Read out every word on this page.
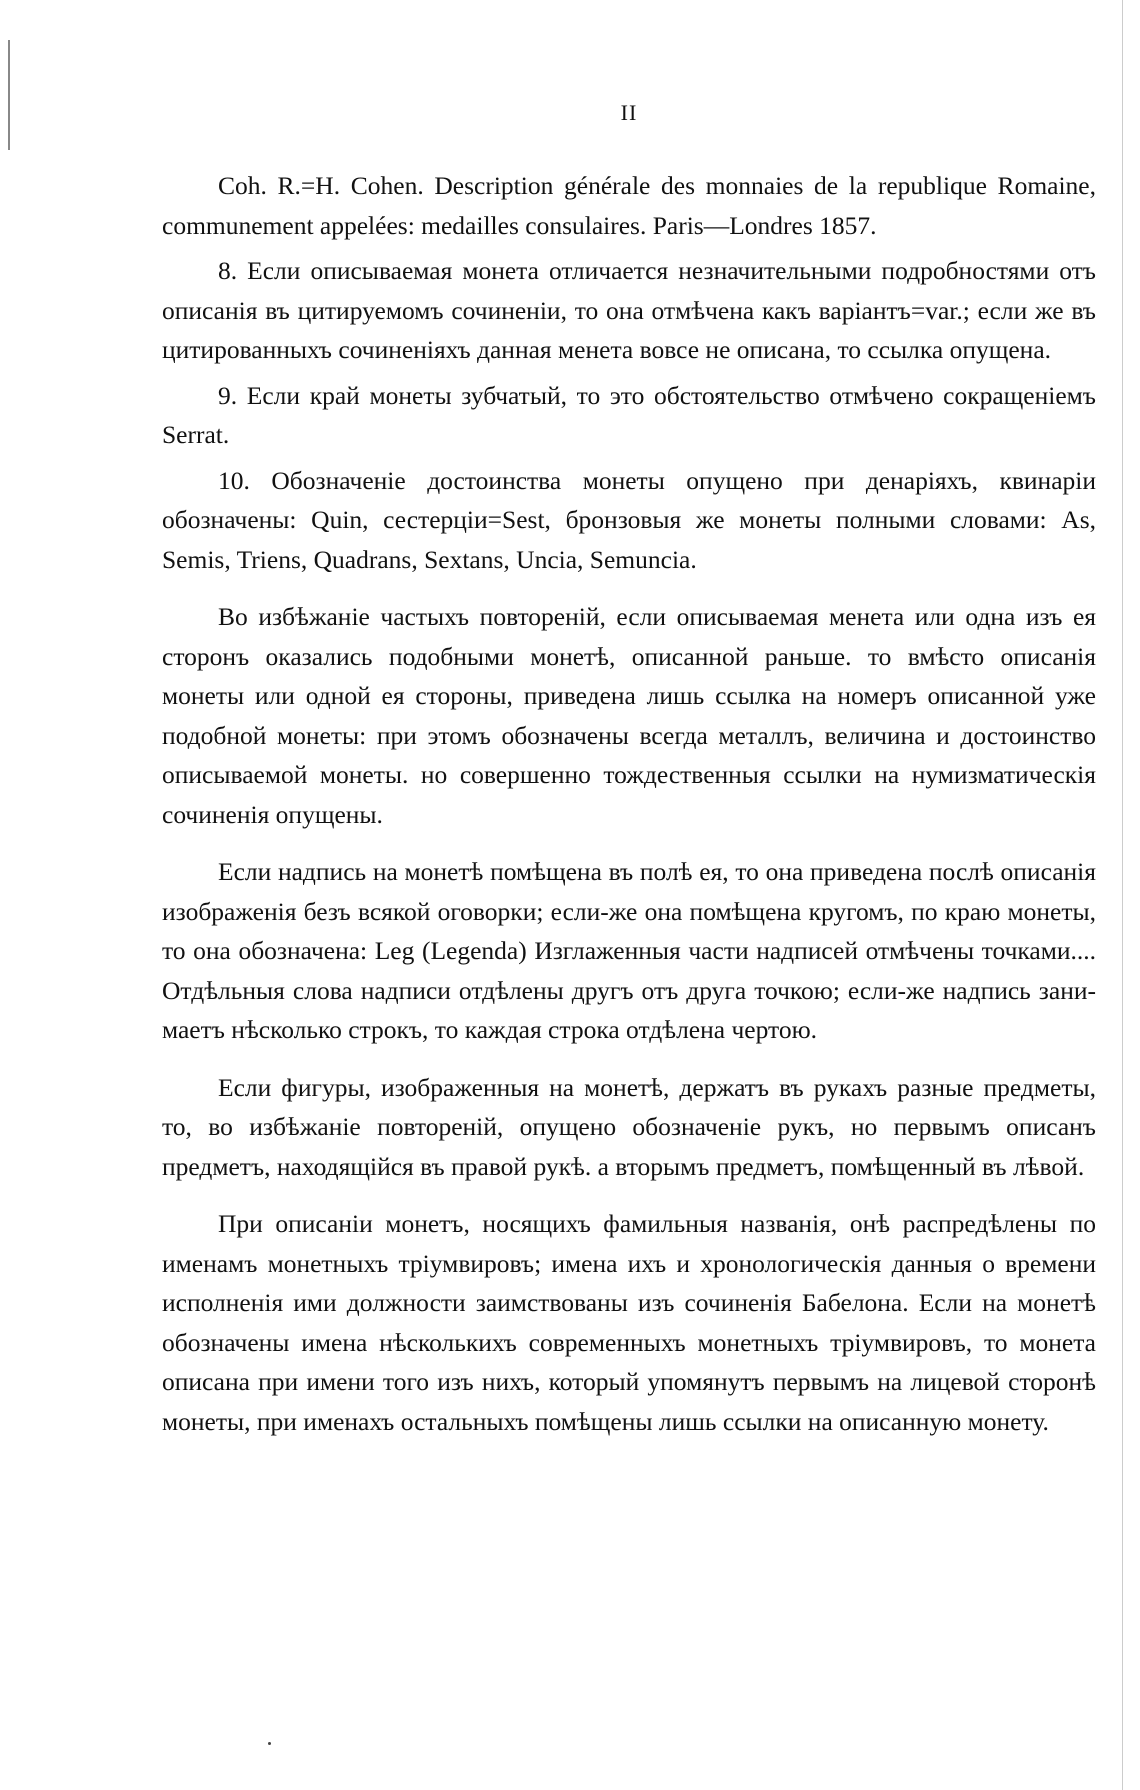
II

Coh. R.=H. Cohen. Description générale des monnaies de la republique Romaine, communement appelées: medailles consulaires. Paris—Londres 1857.

8. Если описываемая монета отличается незначительными подробностями отъ описанія въ цитируемомъ сочиненіи, то она отмѣчена какъ варіантъ=var.; если же въ цитированныхъ сочиненіяхъ данная менета вовсе не описана, то ссылка опущена.

9. Если край монеты зубчатый, то это обстоятельство отмѣчено сокращеніемъ Serrat.

10. Обозначеніе достоинства монеты опущено при денаріяхъ, квинаріи обозначены: Quin, сестерціи=Sest, бронзовыя же монеты полными словами: As, Semis, Triens, Quadrans, Sextans, Uncia, Semuncia.

Во избѣжаніе частыхъ повтореній, если описываемая менета или одна изъ ея сторонъ оказались подобными монетѣ, описанной раньше. то вмѣсто описанія монеты или одной ея стороны, приведена лишь ссылка на номеръ описанной уже подобной монеты: при этомъ обозначены всегда металлъ, величина и достоинство описываемой монеты. но совершенно тождественныя ссылки на нумизматическія сочиненія опущены.

Если надпись на монетѣ помѣщена въ полѣ ея, то она приведена послѣ описанія изображенія безъ всякой оговорки; если-же она помѣщена кругомъ, по краю монеты, то она обозначена: Leg (Legenda) Изглаженныя части надписей отмѣчены точками.... Отдѣльныя слова надписи отдѣлены другъ отъ друга точкою; если-же надпись занимаетъ нѣсколько строкъ, то каждая строка отдѣлена чертою.

Если фигуры, изображенныя на монетѣ, держатъ въ рукахъ разные предметы, то, во избѣжаніе повтореній, опущено обозначеніе рукъ, но первымъ описанъ предметъ, находящійся въ правой рукѣ. а вторымъ предметъ, помѣщенный въ лѣвой.

При описаніи монетъ, носящихъ фамильныя названія, онѣ распредѣлены по именамъ монетныхъ тріумвировъ; имена ихъ и хронологическія данныя о времени исполненія ими должности заимствованы изъ сочиненія Бабелона. Если на монетѣ обозначены имена нѣсколькихъ современныхъ монетныхъ тріумвировъ, то монета описана при имени того изъ нихъ, который упомянутъ первымъ на лицевой сторонѣ монеты, при именахъ остальныхъ помѣщены лишь ссылки на описанную монету.
